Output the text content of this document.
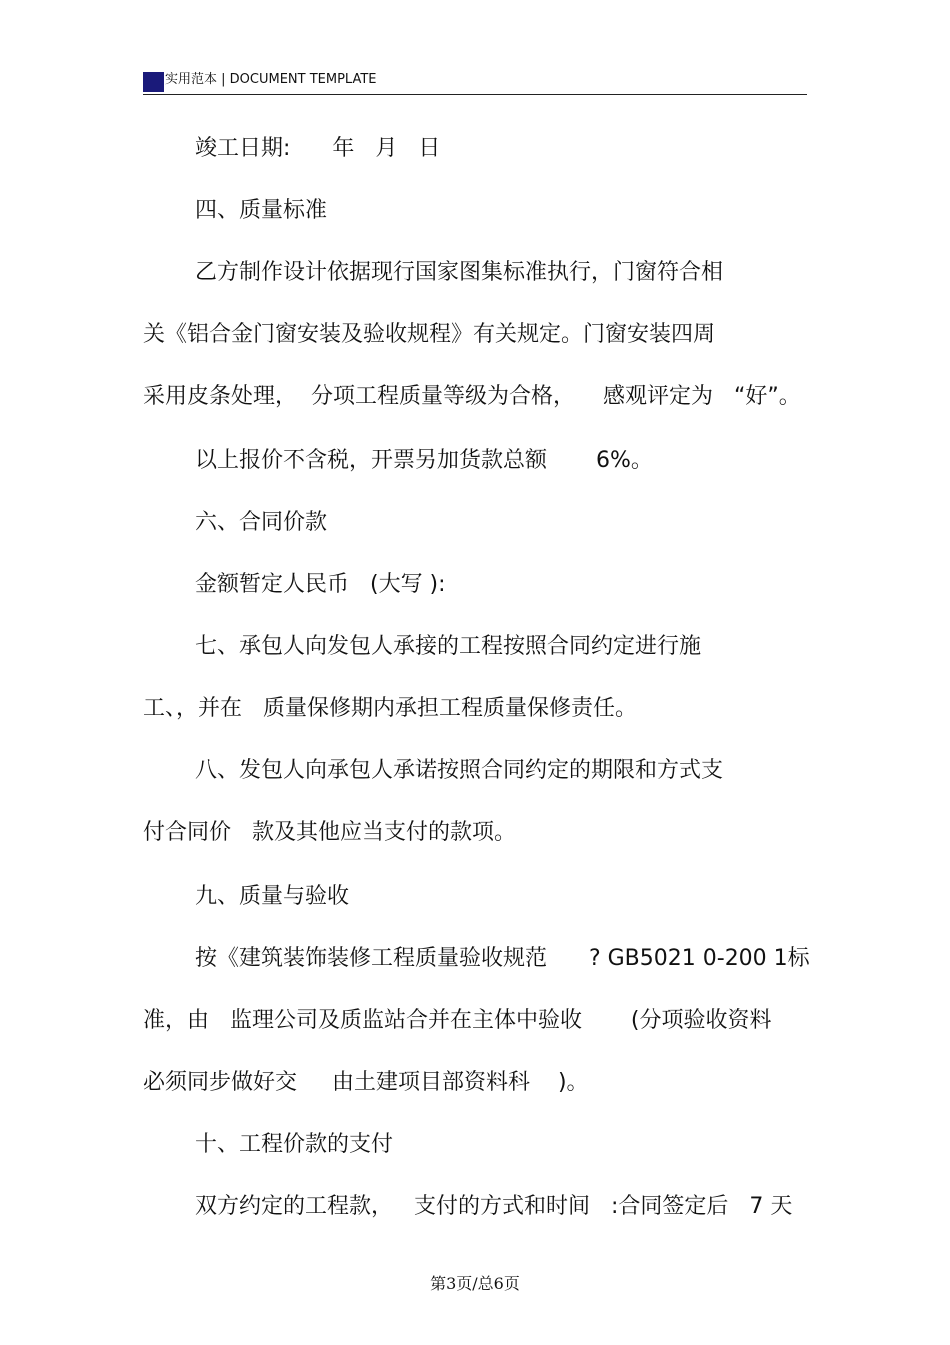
实用范本 | DOCUMENT TEMPLATE
竣工日期:      年   月   日
四、质量标准
乙方制作设计依据现行国家图集标准执行，门窗符合相
关《铝合金门窗安装及验收规程》有关规定。门窗安装四周
采用皮条处理，  分项工程质量等级为合格，    感观评定为   “好”。
以上报价不含税，开票另加货款总额       6%。
六、合同价款
金额暂定人民币   (大写 ):
七、承包人向发包人承接的工程按照合同约定进行施
工、，并在   质量保修期内承担工程质量保修责任。
八、发包人向承包人承诺按照合同约定的期限和方式支
付合同价   款及其他应当支付的款项。
九、质量与验收
按《建筑装饰装修工程质量验收规范      ? GB5021 0-200 1标
准，由   监理公司及质监站合并在主体中验收       (分项验收资料
必须同步做好交     由土建项目部资料科    )。
十、工程价款的支付
双方约定的工程款，   支付的方式和时间   :合同签定后   7 天
第3页/总6页
